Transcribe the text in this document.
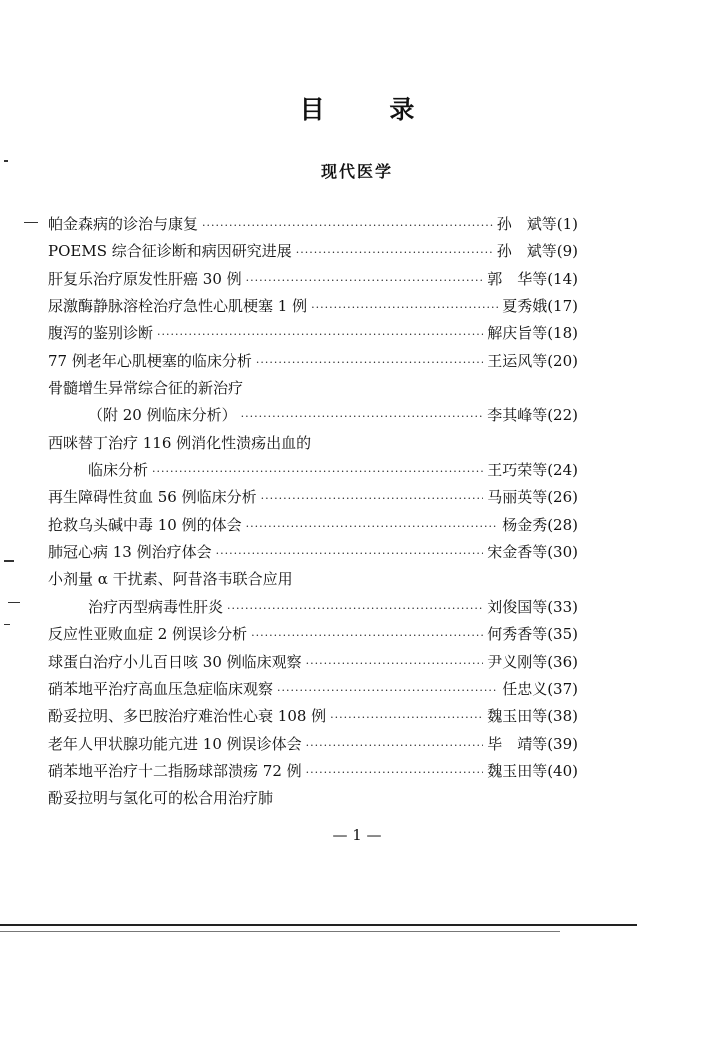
目 录
现代医学
帕金森病的诊治与康复 ·····	孙　斌等(1)
POEMS 综合征诊断和病因研究进展 ·····	孙　斌等(9)
肝复乐治疗原发性肝癌 30 例 ·····	郭　华等(14)
尿激酶静脉溶栓治疗急性心肌梗塞 1 例 ·····	夏秀娥(17)
腹泻的鉴别诊断 ·····	解庆旨等(18)
77 例老年心肌梗塞的临床分析 ·····	王运风等(20)
骨髓增生异常综合征的新治疗
（附 20 例临床分析） ·····	李其峰等(22)
西咪替丁治疗 116 例消化性溃疡出血的
临床分析 ·····	王巧荣等(24)
再生障碍性贫血 56 例临床分析 ·····	马丽英等(26)
抢救乌头碱中毒 10 例的体会 ·····	杨金秀(28)
肺冠心病 13 例治疗体会 ·····	宋金香等(30)
小剂量 α 干扰素、阿昔洛韦联合应用
治疗丙型病毒性肝炎 ·····	刘俊国等(33)
反应性亚败血症 2 例误诊分析 ·····	何秀香等(35)
球蛋白治疗小儿百日咳 30 例临床观察 ·····	尹义刚等(36)
硝苯地平治疗高血压急症临床观察 ·····	任忠义(37)
酚妥拉明、多巴胺治疗难治性心衰 108 例 ·····	魏玉田等(38)
老年人甲状腺功能亢进 10 例误诊体会 ·····	毕　靖等(39)
硝苯地平治疗十二指肠球部溃疡 72 例 ·····	魏玉田等(40)
酚妥拉明与氢化可的松合用治疗肺
— 1 —
